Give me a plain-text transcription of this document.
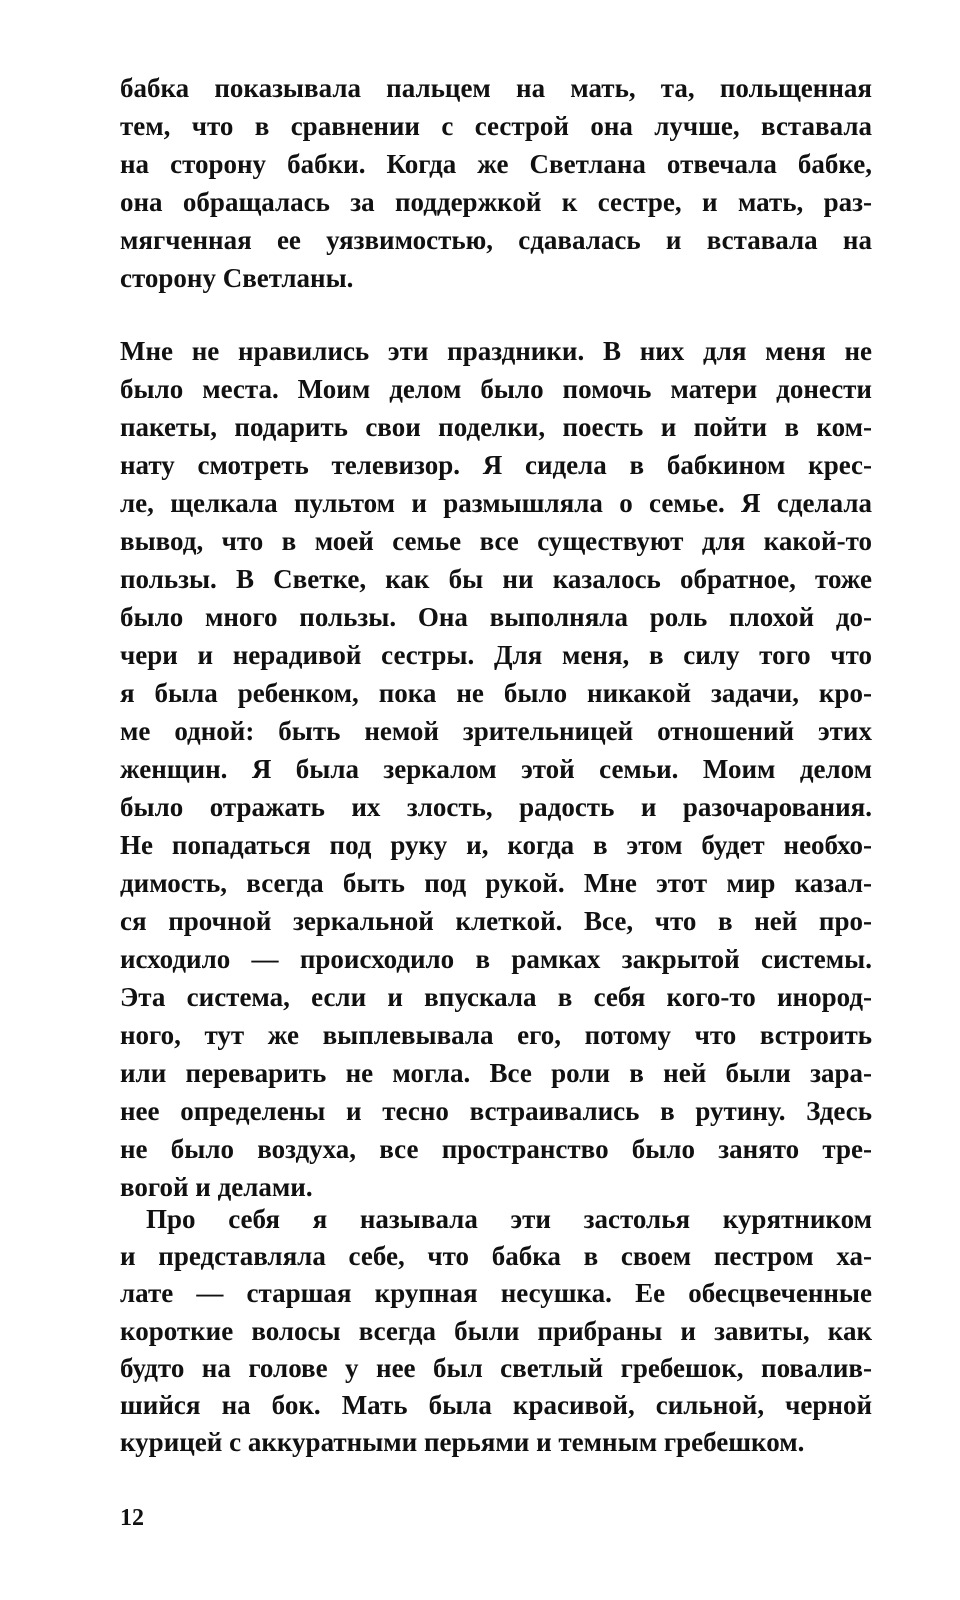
бабка показывала пальцем на мать, та, польщенная
тем, что в сравнении с сестрой она лучше, вставала
на сторону бабки. Когда же Светлана отвечала бабке,
она обращалась за поддержкой к сестре, и мать, раз-
мягченная ее уязвимостью, сдавалась и вставала на
сторону Светланы.
Мне не нравились эти праздники. В них для меня не
было места. Моим делом было помочь матери донести
пакеты, подарить свои поделки, поесть и пойти в ком-
нату смотреть телевизор. Я сидела в бабкином крес-
ле, щелкала пультом и размышляла о семье. Я сделала
вывод, что в моей семье все существуют для какой-то
пользы. В Светке, как бы ни казалось обратное, тоже
было много пользы. Она выполняла роль плохой до-
чери и нерадивой сестры. Для меня, в силу того что
я была ребенком, пока не было никакой задачи, кро-
ме одной: быть немой зрительницей отношений этих
женщин. Я была зеркалом этой семьи. Моим делом
было отражать их злость, радость и разочарования.
Не попадаться под руку и, когда в этом будет необхо-
димость, всегда быть под рукой. Мне этот мир казал-
ся прочной зеркальной клеткой. Все, что в ней про-
исходило — происходило в рамках закрытой системы.
Эта система, если и впускала в себя кого-то инород-
ного, тут же выплевывала его, потому что встроить
или переварить не могла. Все роли в ней были зара-
нее определены и тесно встраивались в рутину. Здесь
не было воздуха, все пространство было занято тре-
вогой и делами.
Про себя я называла эти застолья курятником
и представляла себе, что бабка в своем пестром ха-
лате — старшая крупная несушка. Ее обесцвеченные
короткие волосы всегда были прибраны и завиты, как
будто на голове у нее был светлый гребешок, повалив-
шийся на бок. Мать была красивой, сильной, черной
курицей с аккуратными перьями и темным гребешком.
12
